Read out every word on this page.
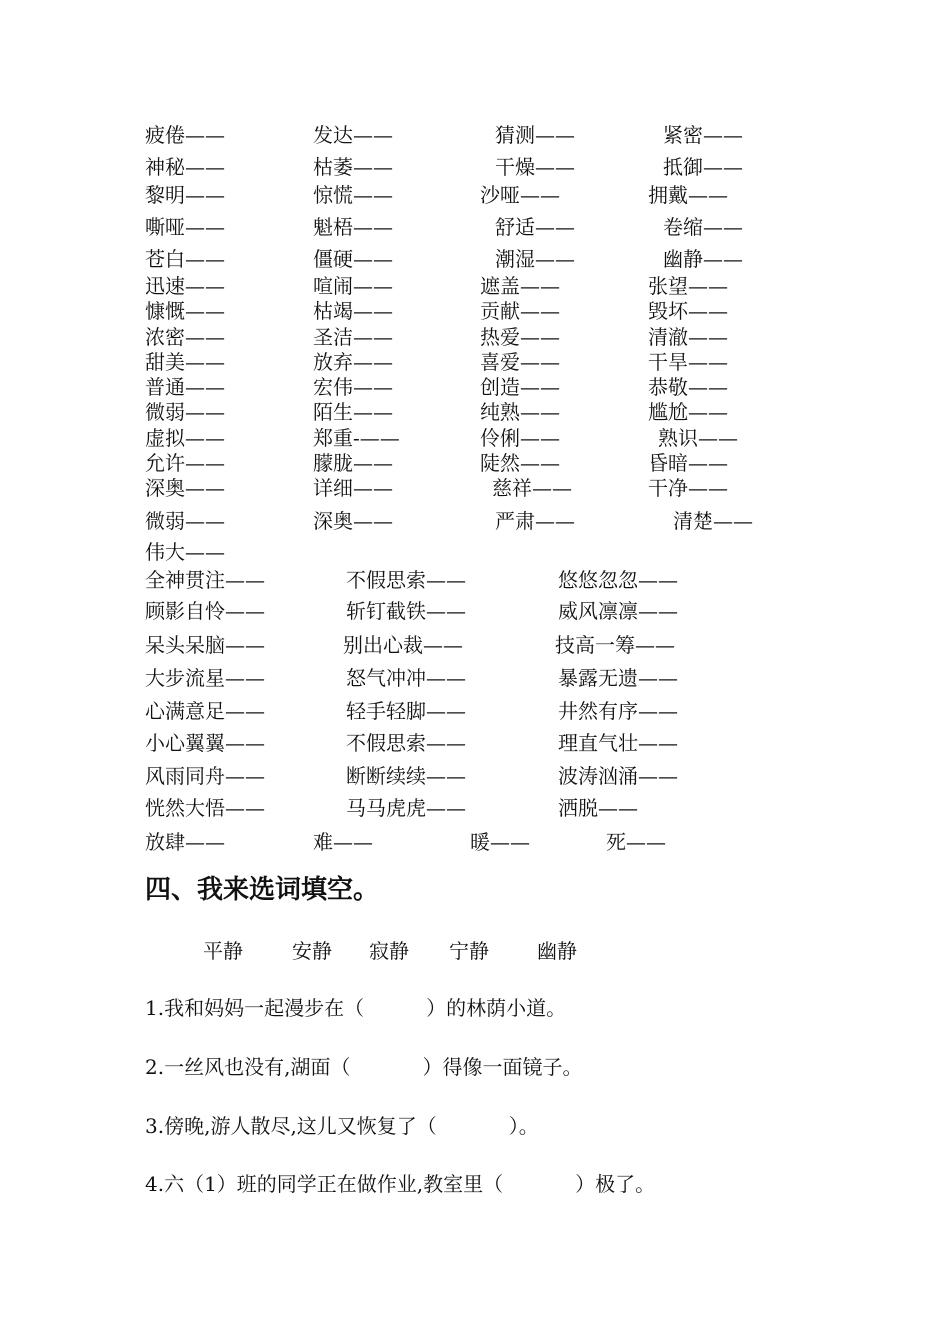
疲倦——	发达——	猜测——	紧密——
神秘——	枯萎——	干燥——	抵御——
黎明——	惊慌——	沙哑——	拥戴——
嘶哑——	魁梧——	舒适——	卷缩——
苍白——	僵硬——	潮湿——	幽静——
迅速——	喧闹——	遮盖——	张望——
慷慨——	枯竭——	贡献——	毁坏——
浓密——	圣洁——	热爱——	清澈——
甜美——	放弃——	喜爱——	干旱——
普通——	宏伟——	创造——	恭敬——
微弱——	陌生——	纯熟——	尴尬——
虚拟——	郑重-——	伶俐——	熟识——
允许——	朦胧——	陡然——	昏暗——
深奥——	详细——	慈祥——	干净——
微弱——	深奥——	严肃——	清楚——
伟大——
全神贯注——	不假思索——	悠悠忽忽——
顾影自怜——	斩钉截铁——	威风凛凛——
呆头呆脑——	别出心裁——	技高一筹——
大步流星——	怒气冲冲——	暴露无遗——
心满意足——	轻手轻脚——	井然有序——
小心翼翼——	不假思索——	理直气壮——
风雨同舟——	断断续续——	波涛汹涌——
恍然大悟——	马马虎虎——	洒脱——
放肆——	难——	暖——	死——
四、我来选词填空。
平静 安静 寂静 宁静 幽静
1.我和妈妈一起漫步在（	）的林荫小道。
2.一丝风也没有,湖面（	）得像一面镜子。
3.傍晚,游人散尽,这儿又恢复了（	）。
4.六（1）班的同学正在做作业,教室里（	）极了。
